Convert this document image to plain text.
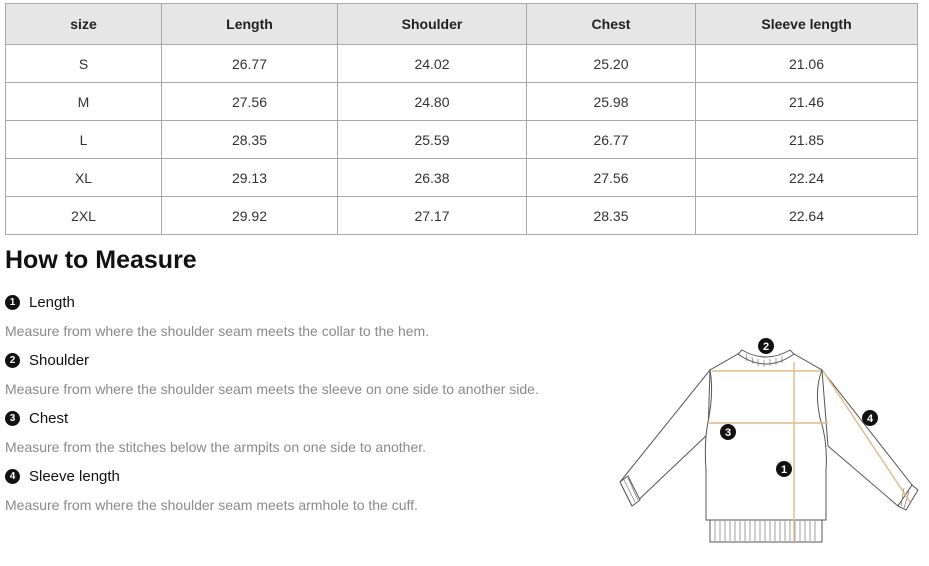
size	Length	Shoulder	Chest	Sleeve length
S	26.77	24.02	25.20	21.06
M	27.56	24.80	25.98	21.46
L	28.35	25.59	26.77	21.85
XL	29.13	26.38	27.56	22.24
2XL	29.92	27.17	28.35	22.64
How to Measure
1 Length
Measure from where the shoulder seam meets the collar to the hem.
2 Shoulder
Measure from where the shoulder seam meets the sleeve on one side to another side.
3 Chest
Measure from the stitches below the armpits on one side to another.
4 Sleeve length
Measure from where the shoulder seam meets armhole to the cuff.
2
4
3
1
